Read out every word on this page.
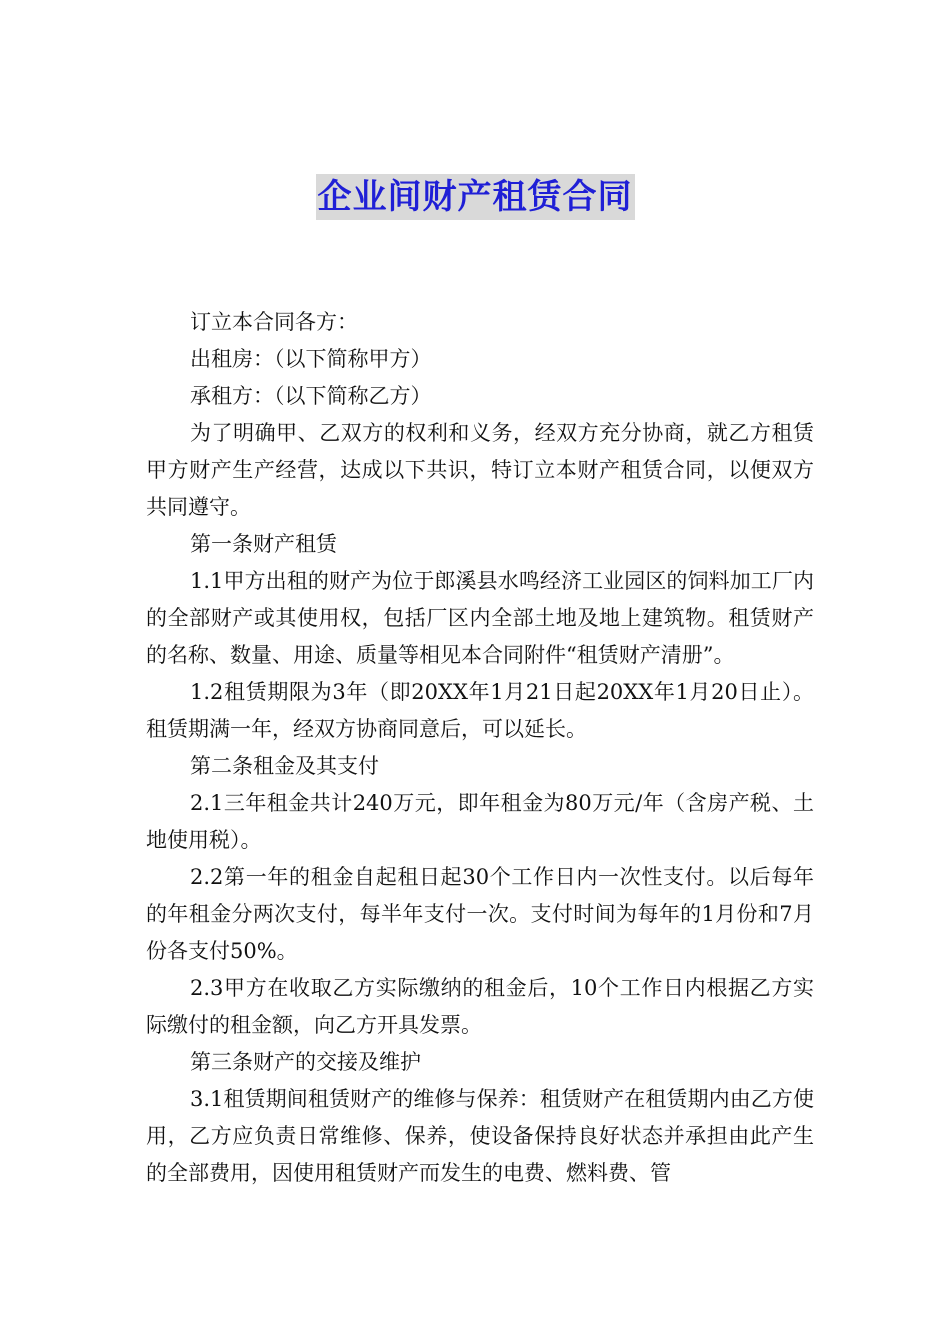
企业间财产租赁合同

订立本合同各方：

出租房：（以下简称甲方）

承租方：（以下简称乙方）

为了明确甲、乙双方的权利和义务，经双方充分协商，就乙方租赁甲方财产生产经营，达成以下共识，特订立本财产租赁合同，以便双方共同遵守。

第一条财产租赁

1.1甲方出租的财产为位于郎溪县水鸣经济工业园区的饲料加工厂内的全部财产或其使用权，包括厂区内全部土地及地上建筑物。租赁财产的名称、数量、用途、质量等相见本合同附件“租赁财产清册”。

1.2租赁期限为3年（即20XX年1月21日起20XX年1月20日止）。租赁期满一年，经双方协商同意后，可以延长。

第二条租金及其支付

2.1三年租金共计240万元，即年租金为80万元/年（含房产税、土地使用税）。

2.2第一年的租金自起租日起30个工作日内一次性支付。以后每年的年租金分两次支付，每半年支付一次。支付时间为每年的1月份和7月份各支付50%。

2.3甲方在收取乙方实际缴纳的租金后，10个工作日内根据乙方实际缴付的租金额，向乙方开具发票。

第三条财产的交接及维护

3.1租赁期间租赁财产的维修与保养：租赁财产在租赁期内由乙方使用，乙方应负责日常维修、保养，使设备保持良好状态并承担由此产生的全部费用，因使用租赁财产而发生的电费、燃料费、管
